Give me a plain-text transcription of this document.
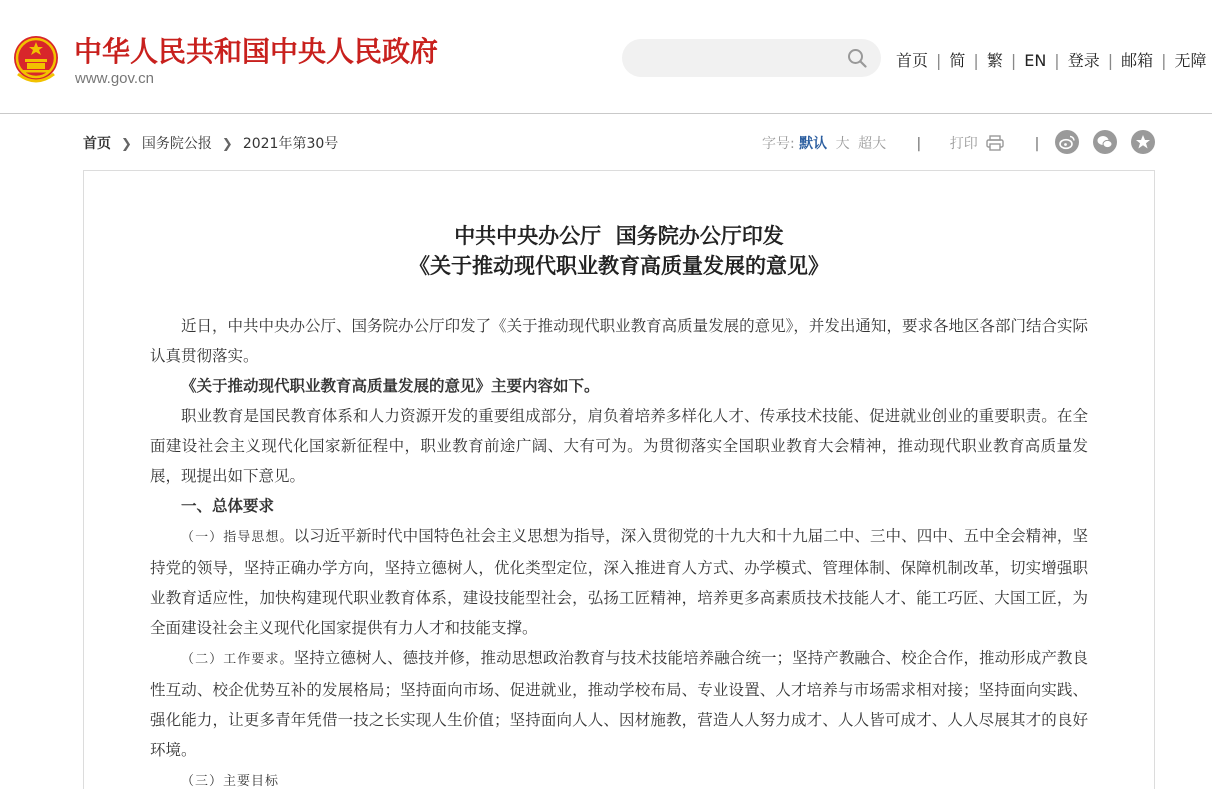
中华人民共和国中央人民政府
www.gov.cn
首页 | 简 | 繁 | EN | 登录 | 邮箱 | 无障
首页 ❯ 国务院公报 ❯ 2021年第30号	字号: 默认 大 超大 | 打印	|
中共中央办公厅  国务院办公厅印发
《关于推动现代职业教育高质量发展的意见》

近日，中共中央办公厅、国务院办公厅印发了《关于推动现代职业教育高质量发展的意见》，并发出通知，要求各地区各部门结合实际认真贯彻落实。

《关于推动现代职业教育高质量发展的意见》主要内容如下。

职业教育是国民教育体系和人力资源开发的重要组成部分，肩负着培养多样化人才、传承技术技能、促进就业创业的重要职责。在全面建设社会主义现代化国家新征程中，职业教育前途广阔、大有可为。为贯彻落实全国职业教育大会精神，推动现代职业教育高质量发展，现提出如下意见。

一、总体要求

（一）指导思想。以习近平新时代中国特色社会主义思想为指导，深入贯彻党的十九大和十九届二中、三中、四中、五中全会精神，坚持党的领导，坚持正确办学方向，坚持立德树人，优化类型定位，深入推进育人方式、办学模式、管理体制、保障机制改革，切实增强职业教育适应性，加快构建现代职业教育体系，建设技能型社会，弘扬工匠精神，培养更多高素质技术技能人才、能工巧匠、大国工匠，为全面建设社会主义现代化国家提供有力人才和技能支撑。

（二）工作要求。坚持立德树人、德技并修，推动思想政治教育与技术技能培养融合统一；坚持产教融合、校企合作，推动形成产教良性互动、校企优势互补的发展格局；坚持面向市场、促进就业，推动学校布局、专业设置、人才培养与市场需求相对接；坚持面向实践、强化能力，让更多青年凭借一技之长实现人生价值；坚持面向人人、因材施教，营造人人努力成才、人人皆可成才、人人尽展其才的良好环境。

（三）主要目标
